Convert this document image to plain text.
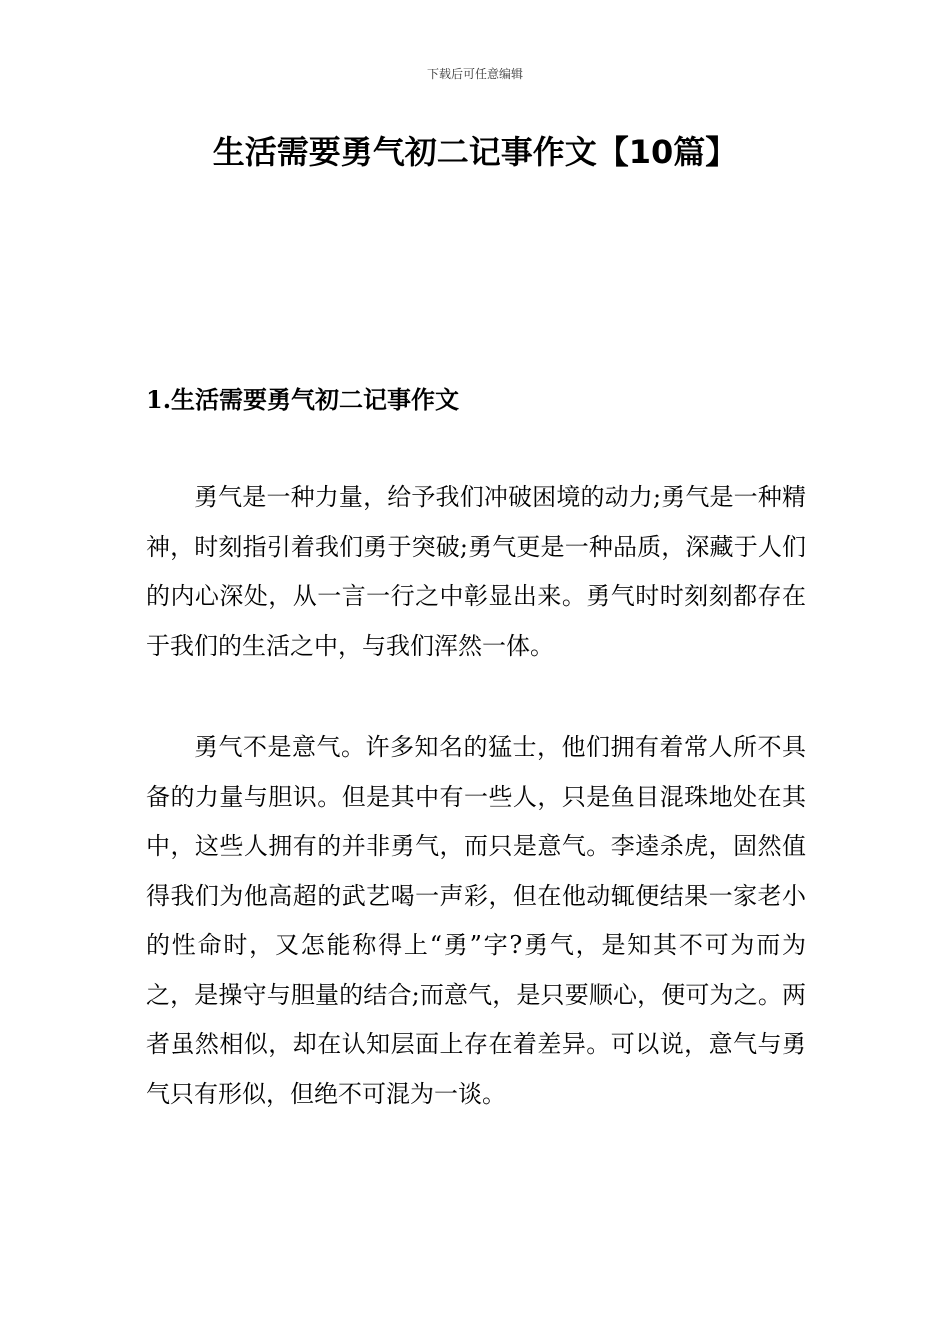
下载后可任意编辑
生活需要勇气初二记事作文【10篇】
1.生活需要勇气初二记事作文

勇气是一种力量，给予我们冲破困境的动力;勇气是一种精神，时刻指引着我们勇于突破;勇气更是一种品质，深藏于人们的内心深处，从一言一行之中彰显出来。勇气时时刻刻都存在于我们的生活之中，与我们浑然一体。

勇气不是意气。许多知名的猛士，他们拥有着常人所不具备的力量与胆识。但是其中有一些人，只是鱼目混珠地处在其中，这些人拥有的并非勇气，而只是意气。李逵杀虎，固然值得我们为他高超的武艺喝一声彩，但在他动辄便结果一家老小的性命时，又怎能称得上“勇”字?勇气，是知其不可为而为之，是操守与胆量的结合;而意气，是只要顺心，便可为之。两者虽然相似，却在认知层面上存在着差异。可以说，意气与勇气只有形似，但绝不可混为一谈。
